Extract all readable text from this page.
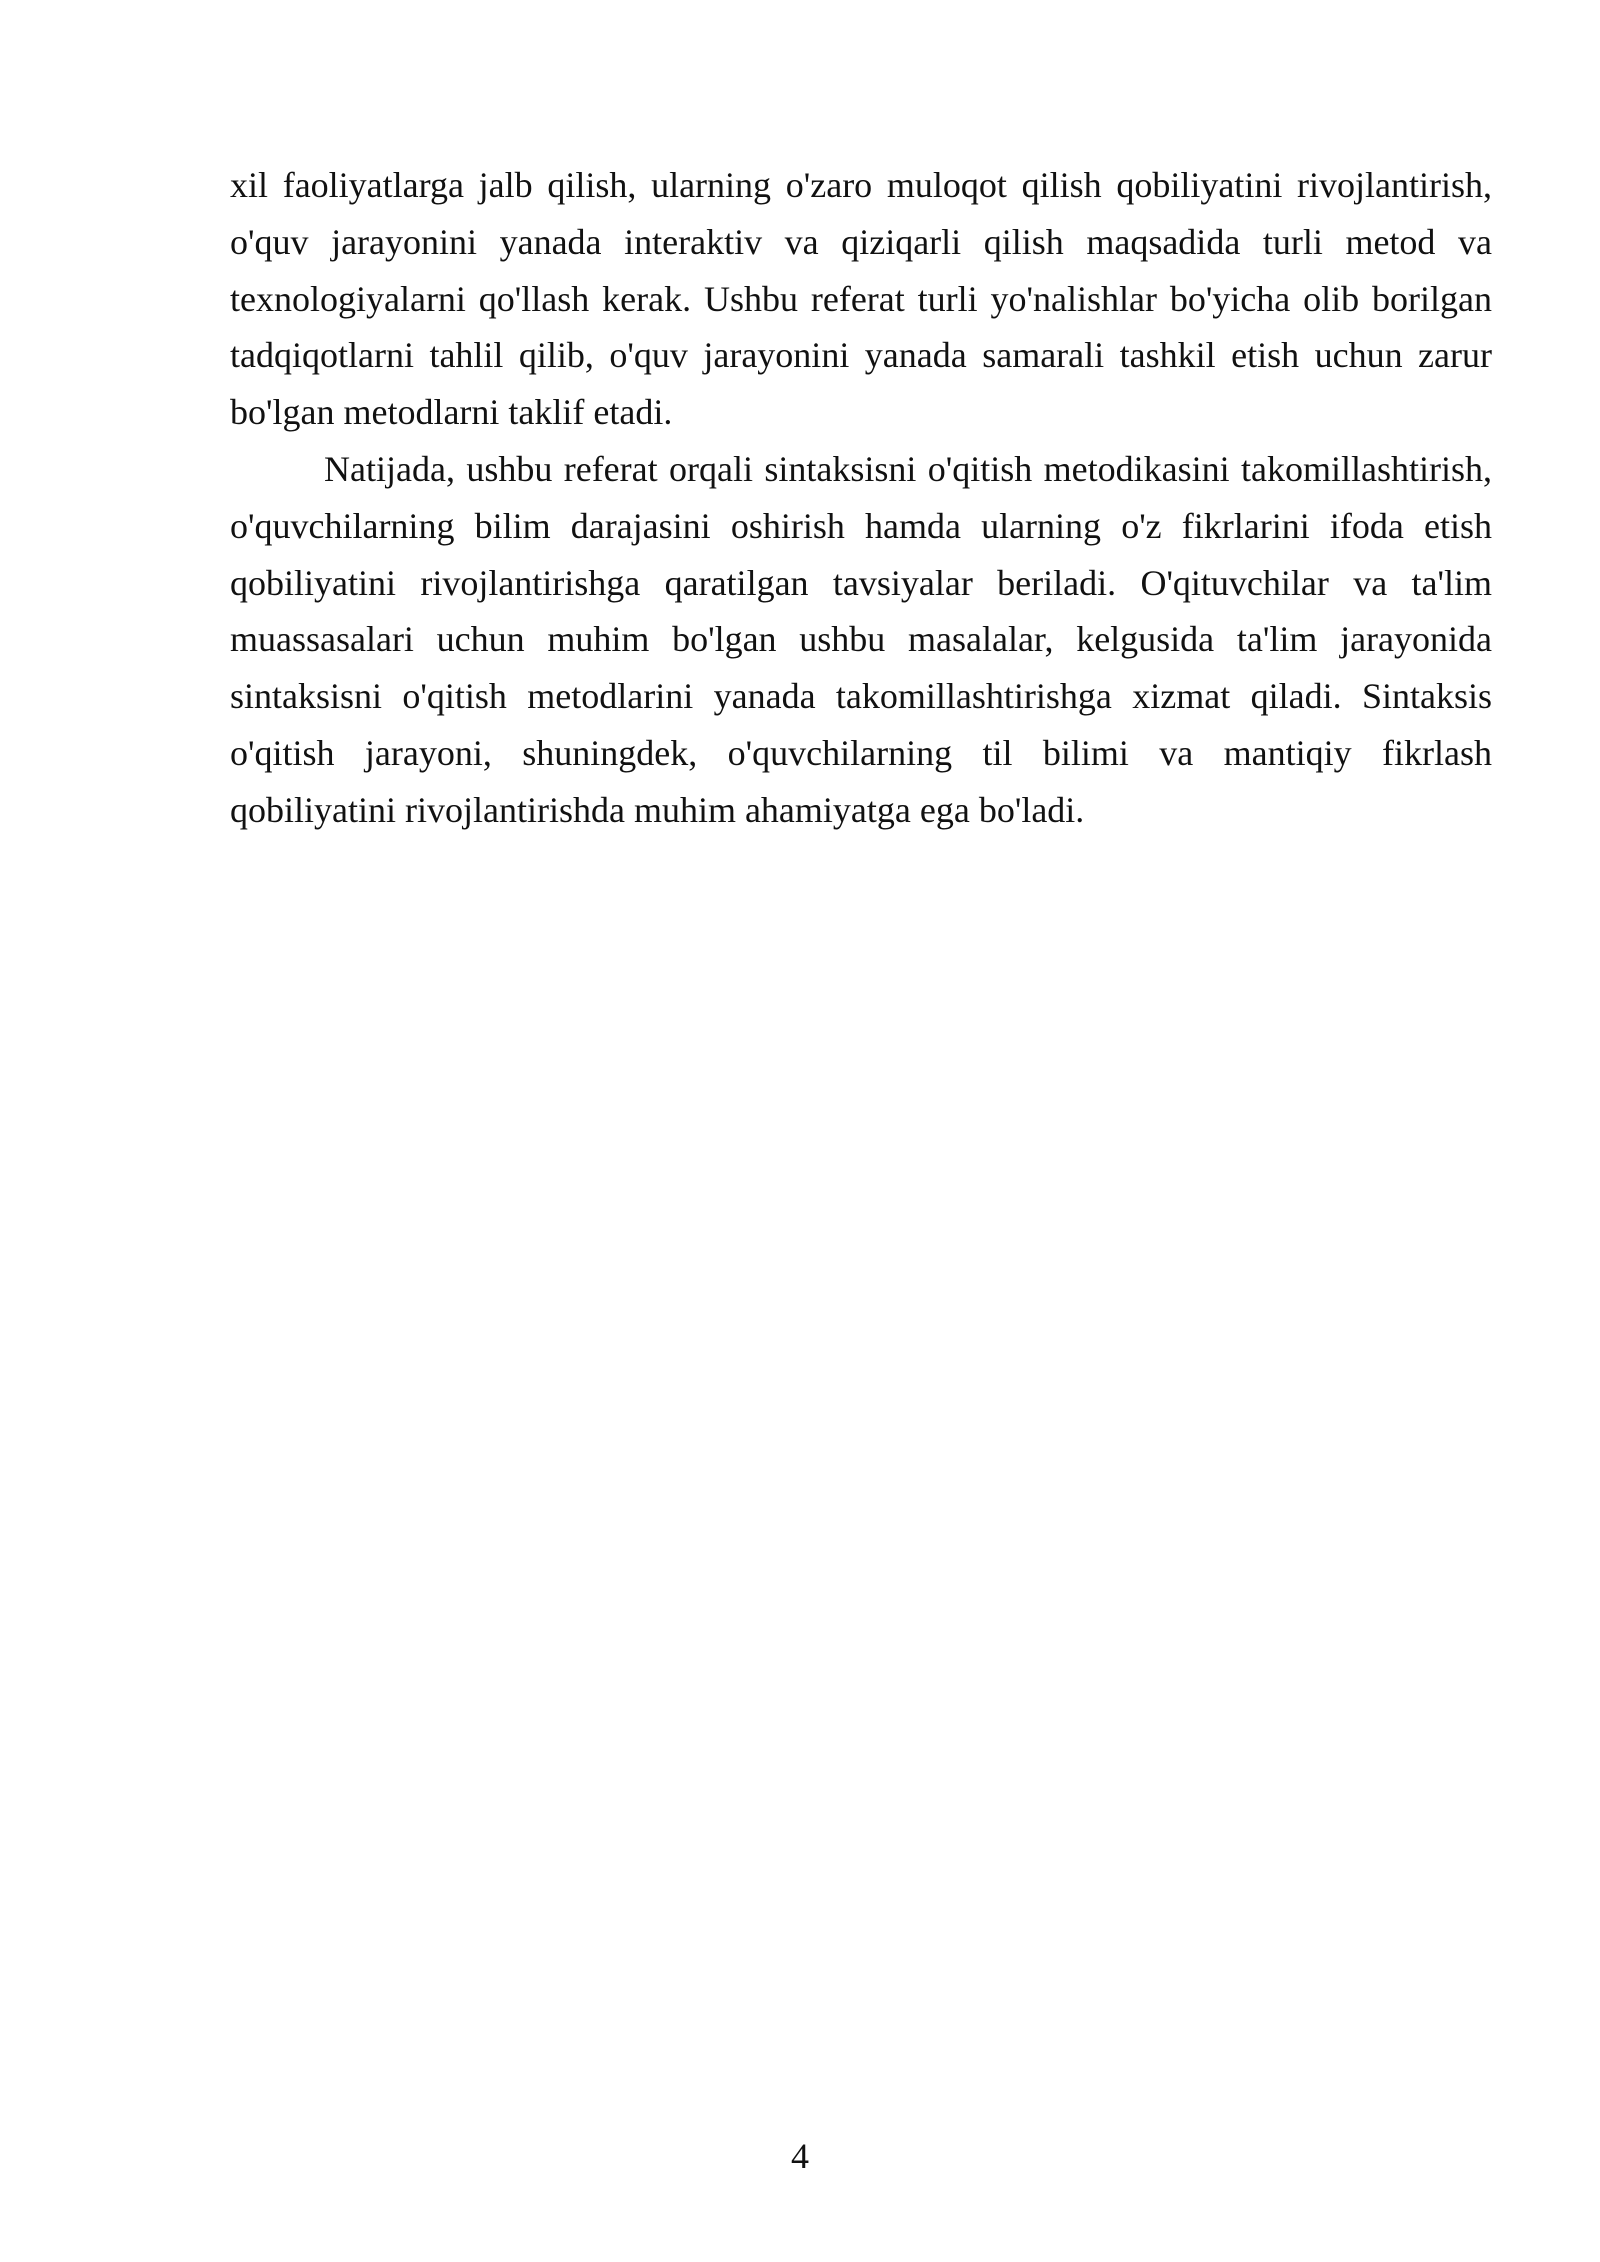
xil faoliyatlarga jalb qilish, ularning o'zaro muloqot qilish qobiliyatini rivojlantirish, o'quv jarayonini yanada interaktiv va qiziqarli qilish maqsadida turli metod va texnologiyalarni qo'llash kerak. Ushbu referat turli yo'nalishlar bo'yicha olib borilgan tadqiqotlarni tahlil qilib, o'quv jarayonini yanada samarali tashkil etish uchun zarur bo'lgan metodlarni taklif etadi.

Natijada, ushbu referat orqali sintaksisni o'qitish metodikasini takomillashtirish, o'quvchilarning bilim darajasini oshirish hamda ularning o'z fikrlarini ifoda etish qobiliyatini rivojlantirishga qaratilgan tavsiyalar beriladi. O'qituvchilar va ta'lim muassasalari uchun muhim bo'lgan ushbu masalalar, kelgusida ta'lim jarayonida sintaksisni o'qitish metodlarini yanada takomillashtirishga xizmat qiladi. Sintaksis o'qitish jarayoni, shuningdek, o'quvchilarning til bilimi va mantiqiy fikrlash qobiliyatini rivojlantirishda muhim ahamiyatga ega bo'ladi.

4
